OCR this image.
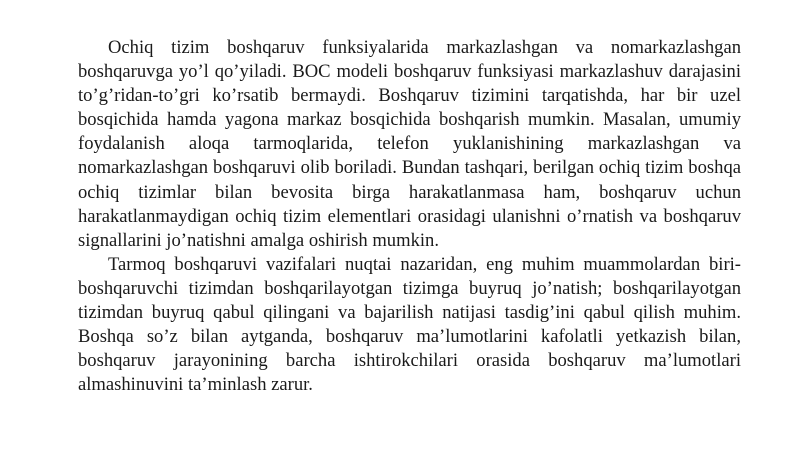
Ochiq tizim boshqaruv funksiyalarida markazlashgan va nomarkazlashgan boshqaruvga yo’l qo’yiladi. BOC modeli boshqaruv funksiyasi markazlashuv darajasini to’g’ridan-to’gri ko’rsatib bermaydi. Boshqaruv tizimini tarqatishda, har bir uzel bosqichida hamda yagona markaz bosqichida boshqarish mumkin. Masalan, umumiy foydalanish aloqa tarmoqlarida, telefon yuklanishining markazlashgan va nomarkazlashgan boshqaruvi olib boriladi. Bundan tashqari, berilgan ochiq tizim boshqa ochiq tizimlar bilan bevosita birga harakatlanmasa ham, boshqaruv uchun harakatlanmaydigan ochiq tizim elementlari orasidagi ulanishni o’rnatish va boshqaruv signallarini jo’natishni amalga oshirish mumkin.

Tarmoq boshqaruvi vazifalari nuqtai nazaridan, eng muhim muammolardan biri-boshqaruvchi tizimdan boshqarilayotgan tizimga buyruq jo’natish; boshqarilayotgan tizimdan buyruq qabul qilingani va bajarilish natijasi tasdig’ini qabul qilish muhim. Boshqa so’z bilan aytganda, boshqaruv ma’lumotlarini kafolatli yetkazish bilan, boshqaruv jarayonining barcha ishtirokchilari orasida boshqaruv ma’lumotlari almashinuvini ta’minlash zarur.
